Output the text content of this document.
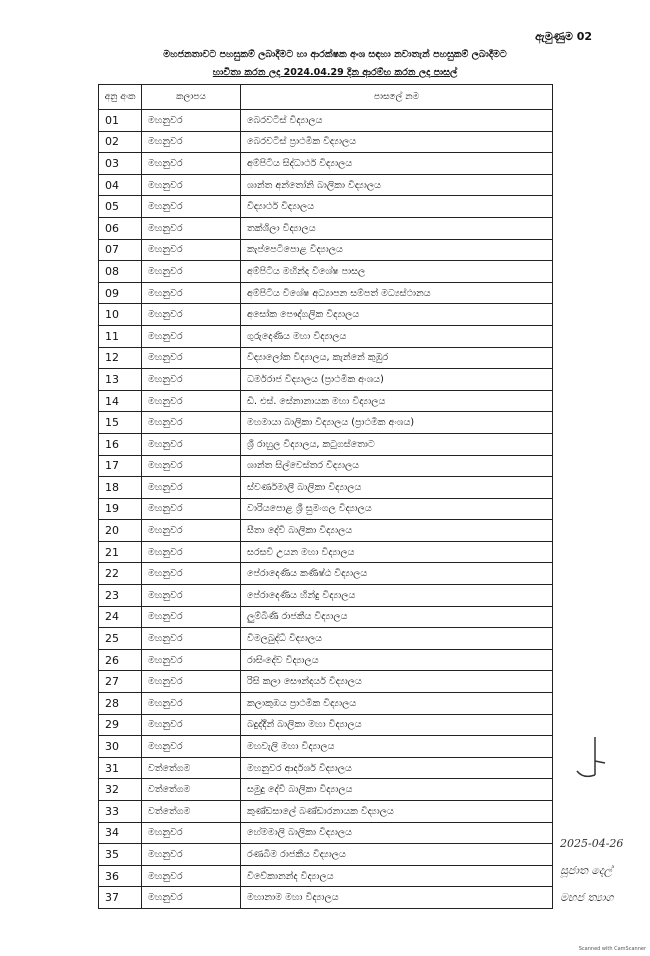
ඇමුණුම 02
මහජනතාවට පහසුකම් ලබාදීමට හා ආරක්ෂක අංශ සඳහා නවාතැන් පහසුකම් ලබාදීමට
භාවිතා කරන ලද 2024.04.29 දින ආරම්භ කරන ලද පාසල්
අනු අංක	කලාපය	පාසලේ නම
01	මහනුවර	බෙරවටිස් විද්‍යාලය
02	මහනුවර	බෙරවටිස් ප්‍රාථමික විද්‍යාලය
03	මහනුවර	අම්පිටිය සිද්ධාර්ථ විද්‍යාලය
04	මහනුවර	ශාන්ත අන්තෝනි බාලිකා විද්‍යාලය
05	මහනුවර	විද්‍යාර්ථ විද්‍යාලය
06	මහනුවර	තක්ශිලා විද්‍යාලය
07	මහනුවර	කැප්පෙටිපොළ විද්‍යාලය
08	මහනුවර	අම්පිටිය මහින්ද විශේෂ පාසල
09	මහනුවර	අම්පිටිය විශේෂ අධ්‍යාපන සම්පත් මධ්‍යස්ථානය
10	මහනුවර	අසෝක පෞද්ගලික විද්‍යාලය
11	මහනුවර	ගුරුදෙණිය මහා විද්‍යාලය
12	මහනුවර	විද්‍යාලෝක විද්‍යාලය, කැන්නේ කුඹුර
13	මහනුවර	ධර්මරාජ විද්‍යාලය (ප්‍රාථමික අංශය)
14	මහනුවර	ඩී. එස්. සේනානායක මහා විද්‍යාලය
15	මහනුවර	මහමායා බාලිකා විද්‍යාලය (ප්‍රාථමික අංශය)
16	මහනුවර	ශ්‍රී රාහුල විද්‍යාලය, කටුගස්තොට
17	මහනුවර	ශාන්ත සිල්වෙස්තර විද්‍යාලය
18	මහනුවර	ස්වර්ණමාලී බාලිකා විද්‍යාලය
19	මහනුවර	වාරියපොළ ශ්‍රී සුමංගල විද්‍යාලය
20	මහනුවර	සීතා දේවී බාලිකා විද්‍යාලය
21	මහනුවර	සරසවි උයන මහා විද්‍යාලය
22	මහනුවර	පේරාදෙණිය කණිෂ්ඨ විද්‍යාලය
23	මහනුවර	පේරාදෙණිය හින්දු විද්‍යාලය
24	මහනුවර	ලුම්බිණි රාජකීය විද්‍යාලය
25	මහනුවර	විමලබුද්ධි විද්‍යාලය
26	මහනුවර	රාසිංදේව විද්‍යාලය
27	මහනුවර	රිසි කලා සෞන්දර්ය විද්‍යාලය
28	මහනුවර	කලාකුඹය ප්‍රාථමික විද්‍යාලය
29	මහනුවර	බදුද්දීන් බාලිකා මහා විද්‍යාලය
30	මහනුවර	මහවැලි මහා විද්‍යාලය
31	වත්තේගම	මහනුවර ආර්දර්ශ විද්‍යාලය
32	වත්තේගම	සමුදු දේවී බාලිකා විද්‍යාලය
33	වත්තේගම	කුණ්ඩසාලේ බණ්ඩාරනායක විද්‍යාලය
34	මහනුවර	හේමමාලි බාලිකා විද්‍යාලය
35	මහනුවර	රණබිම රාජකීය විද්‍යාලය
36	මහනුවර	විවේකානන්ද විද්‍යාලය
37	මහනුවර	මහානාම මහා විද්‍යාලය
2025-04-26
සූජාත දෙල්
මහජ ත්‍යාග
Scanned with CamScanner
